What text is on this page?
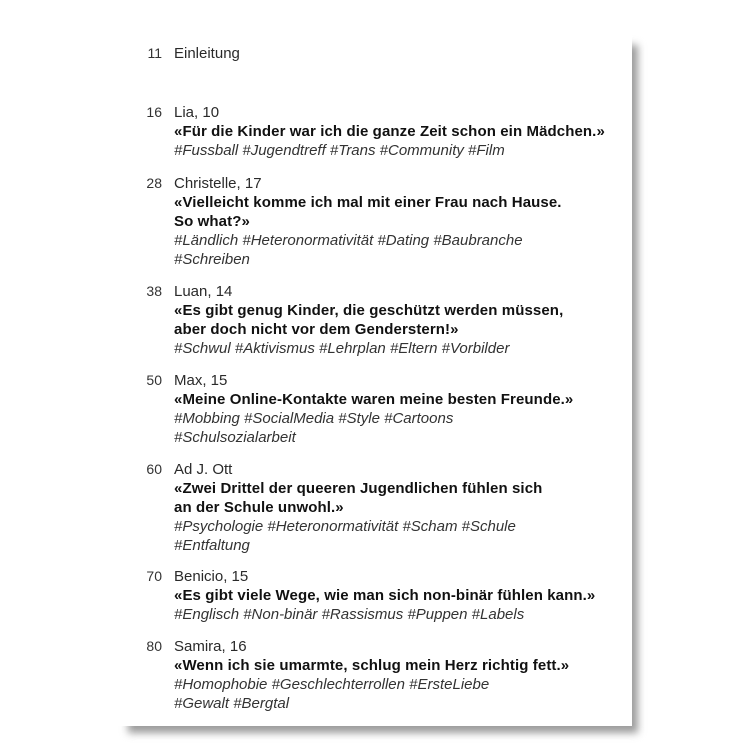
11 Einleitung
16 Lia, 10
«Für die Kinder war ich die ganze Zeit schon ein Mädchen.»
#Fussball #Jugendtreff #Trans #Community #Film
28 Christelle, 17
«Vielleicht komme ich mal mit einer Frau nach Hause.
So what?»
#Ländlich #Heteronormativität #Dating #Baubranche
#Schreiben
38 Luan, 14
«Es gibt genug Kinder, die geschützt werden müssen,
aber doch nicht vor dem Genderstern!»
#Schwul #Aktivismus #Lehrplan #Eltern #Vorbilder
50 Max, 15
«Meine Online-Kontakte waren meine besten Freunde.»
#Mobbing #SocialMedia #Style #Cartoons
#Schulsozialarbeit
60 Ad J. Ott
«Zwei Drittel der queeren Jugendlichen fühlen sich
an der Schule unwohl.»
#Psychologie #Heteronormativität #Scham #Schule
#Entfaltung
70 Benicio, 15
«Es gibt viele Wege, wie man sich non-binär fühlen kann.»
#Englisch #Non-binär #Rassismus #Puppen #Labels
80 Samira, 16
«Wenn ich sie umarmte, schlug mein Herz richtig fett.»
#Homophobie #Geschlechterrollen #ErsteLiebe
#Gewalt #Bergtal
